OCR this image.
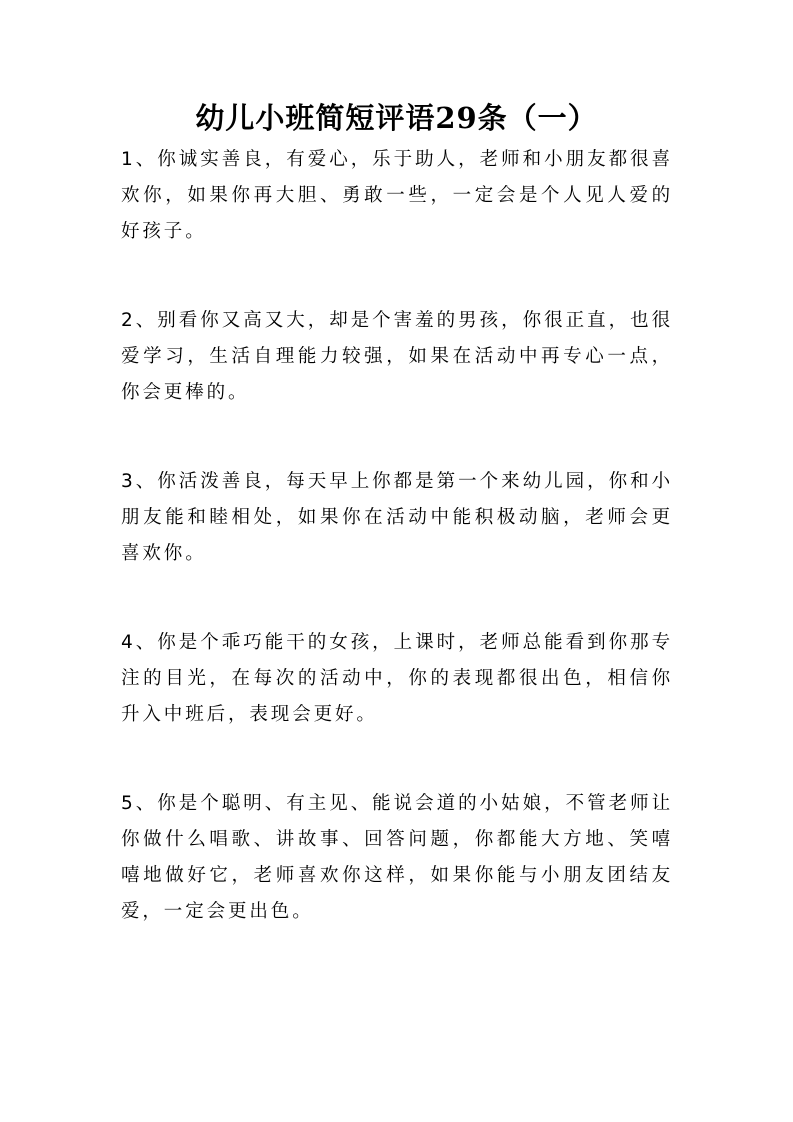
幼儿小班简短评语29条（一）

1、你诚实善良，有爱心，乐于助人，老师和小朋友都很喜欢你，如果你再大胆、勇敢一些，一定会是个人见人爱的好孩子。

2、别看你又高又大，却是个害羞的男孩，你很正直，也很爱学习，生活自理能力较强，如果在活动中再专心一点，你会更棒的。

3、你活泼善良，每天早上你都是第一个来幼儿园，你和小朋友能和睦相处，如果你在活动中能积极动脑，老师会更喜欢你。

4、你是个乖巧能干的女孩，上课时，老师总能看到你那专注的目光，在每次的活动中，你的表现都很出色，相信你升入中班后，表现会更好。

5、你是个聪明、有主见、能说会道的小姑娘，不管老师让你做什么唱歌、讲故事、回答问题，你都能大方地、笑嘻嘻地做好它，老师喜欢你这样，如果你能与小朋友团结友爱，一定会更出色。
